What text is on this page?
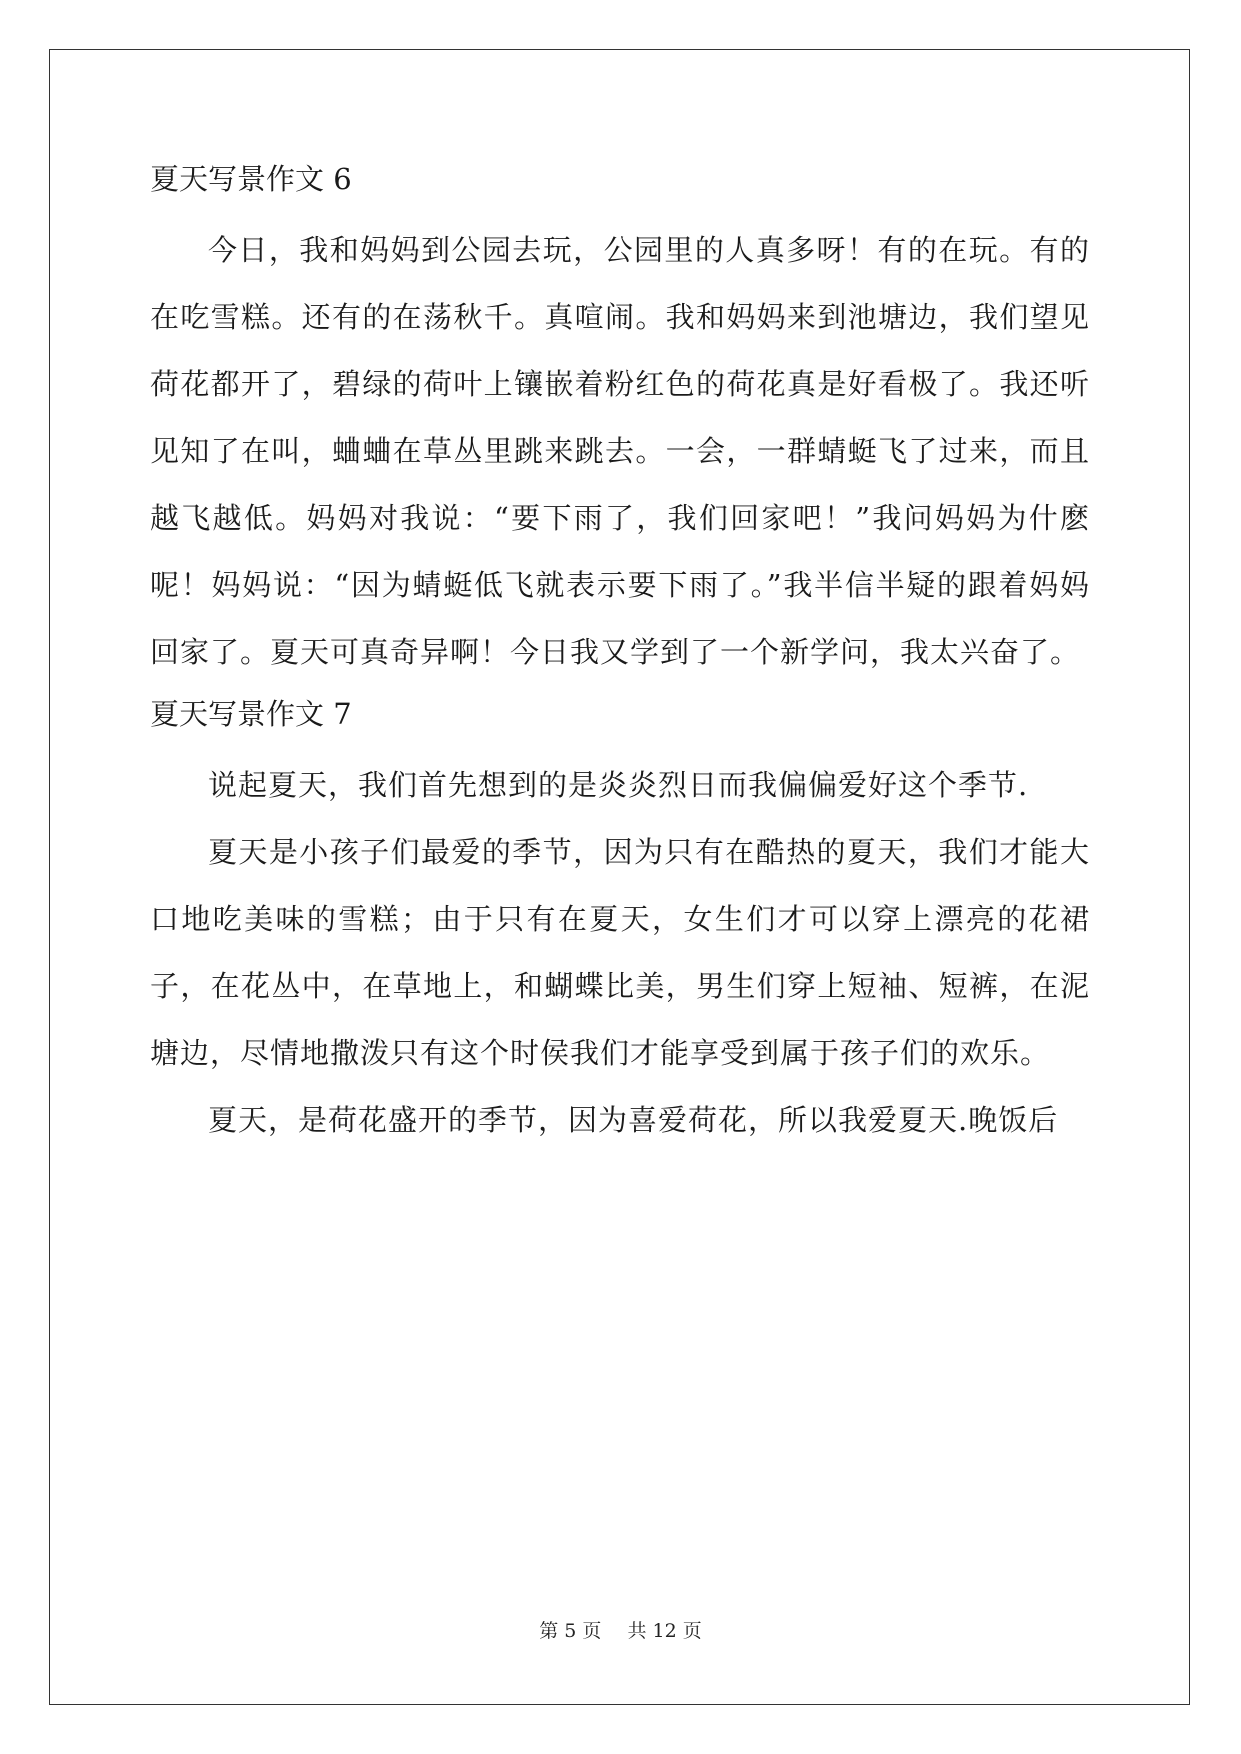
夏天写景作文 6

今日，我和妈妈到公园去玩，公园里的人真多呀！有的在玩。有的在吃雪糕。还有的在荡秋千。真喧闹。我和妈妈来到池塘边，我们望见荷花都开了，碧绿的荷叶上镶嵌着粉红色的荷花真是好看极了。我还听见知了在叫，蛐蛐在草丛里跳来跳去。一会，一群蜻蜓飞了过来，而且越飞越低。妈妈对我说：“要下雨了，我们回家吧！”我问妈妈为什麽呢！妈妈说：“因为蜻蜓低飞就表示要下雨了。”我半信半疑的跟着妈妈回家了。夏天可真奇异啊！今日我又学到了一个新学问，我太兴奋了。

夏天写景作文 7

说起夏天，我们首先想到的是炎炎烈日而我偏偏爱好这个季节.

夏天是小孩子们最爱的季节，因为只有在酷热的夏天，我们才能大口地吃美味的雪糕；由于只有在夏天，女生们才可以穿上漂亮的花裙子，在花丛中，在草地上，和蝴蝶比美，男生们穿上短袖、短裤，在泥塘边，尽情地撒泼只有这个时侯我们才能享受到属于孩子们的欢乐。

夏天，是荷花盛开的季节，因为喜爱荷花，所以我爱夏天.晚饭后

第 5 页 共 12 页
